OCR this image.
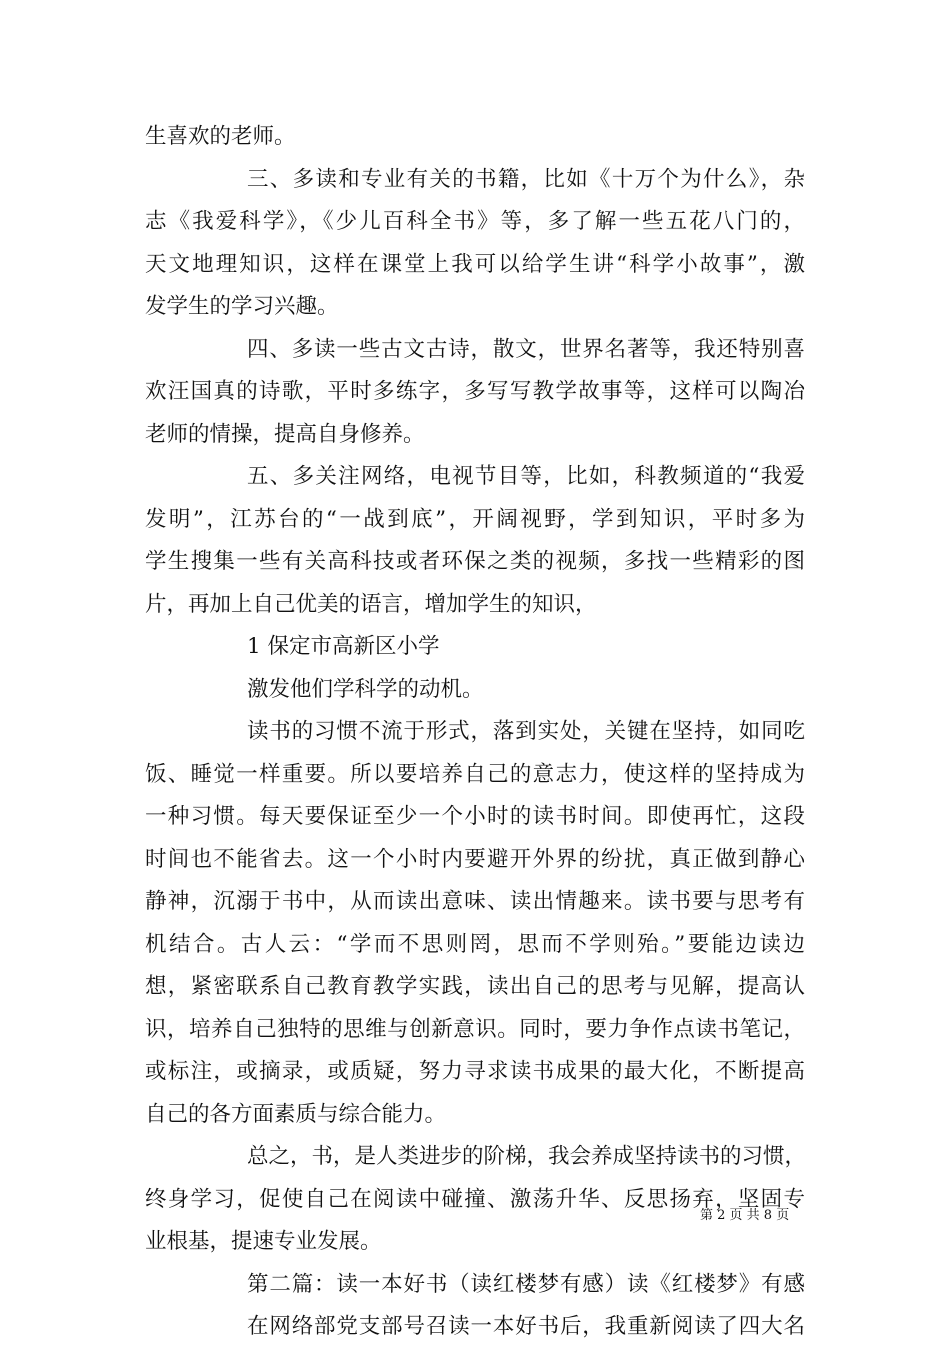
生喜欢的老师。
三、多读和专业有关的书籍，比如《十万个为什么》，杂
志《我爱科学》，《少儿百科全书》等，多了解一些五花八门的，
天文地理知识，这样在课堂上我可以给学生讲“科学小故事”，激
发学生的学习兴趣。
四、多读一些古文古诗，散文，世界名著等，我还特别喜
欢汪国真的诗歌，平时多练字，多写写教学故事等，这样可以陶冶
老师的情操，提高自身修养。
五、多关注网络，电视节目等，比如，科教频道的“我爱
发明”，江苏台的“一战到底”，开阔视野，学到知识，平时多为
学生搜集一些有关高科技或者环保之类的视频，多找一些精彩的图
片，再加上自己优美的语言，增加学生的知识，
1 保定市高新区小学
激发他们学科学的动机。
读书的习惯不流于形式，落到实处，关键在坚持，如同吃
饭、睡觉一样重要。所以要培养自己的意志力，使这样的坚持成为
一种习惯。每天要保证至少一个小时的读书时间。即使再忙，这段
时间也不能省去。这一个小时内要避开外界的纷扰，真正做到静心
静神，沉溺于书中，从而读出意味、读出情趣来。读书要与思考有
机结合。古人云：“学而不思则罔，思而不学则殆。”要能边读边
想，紧密联系自己教育教学实践，读出自己的思考与见解，提高认
识，培养自己独特的思维与创新意识。同时，要力争作点读书笔记，
或标注，或摘录，或质疑，努力寻求读书成果的最大化，不断提高
自己的各方面素质与综合能力。
总之，书，是人类进步的阶梯，我会养成坚持读书的习惯，
终身学习，促使自己在阅读中碰撞、激荡升华、反思扬弃，坚固专
业根基，提速专业发展。
第二篇：读一本好书（读红楼梦有感）读《红楼梦》有感
在网络部党支部号召读一本好书后，我重新阅读了四大名
第 2 页 共 8 页
